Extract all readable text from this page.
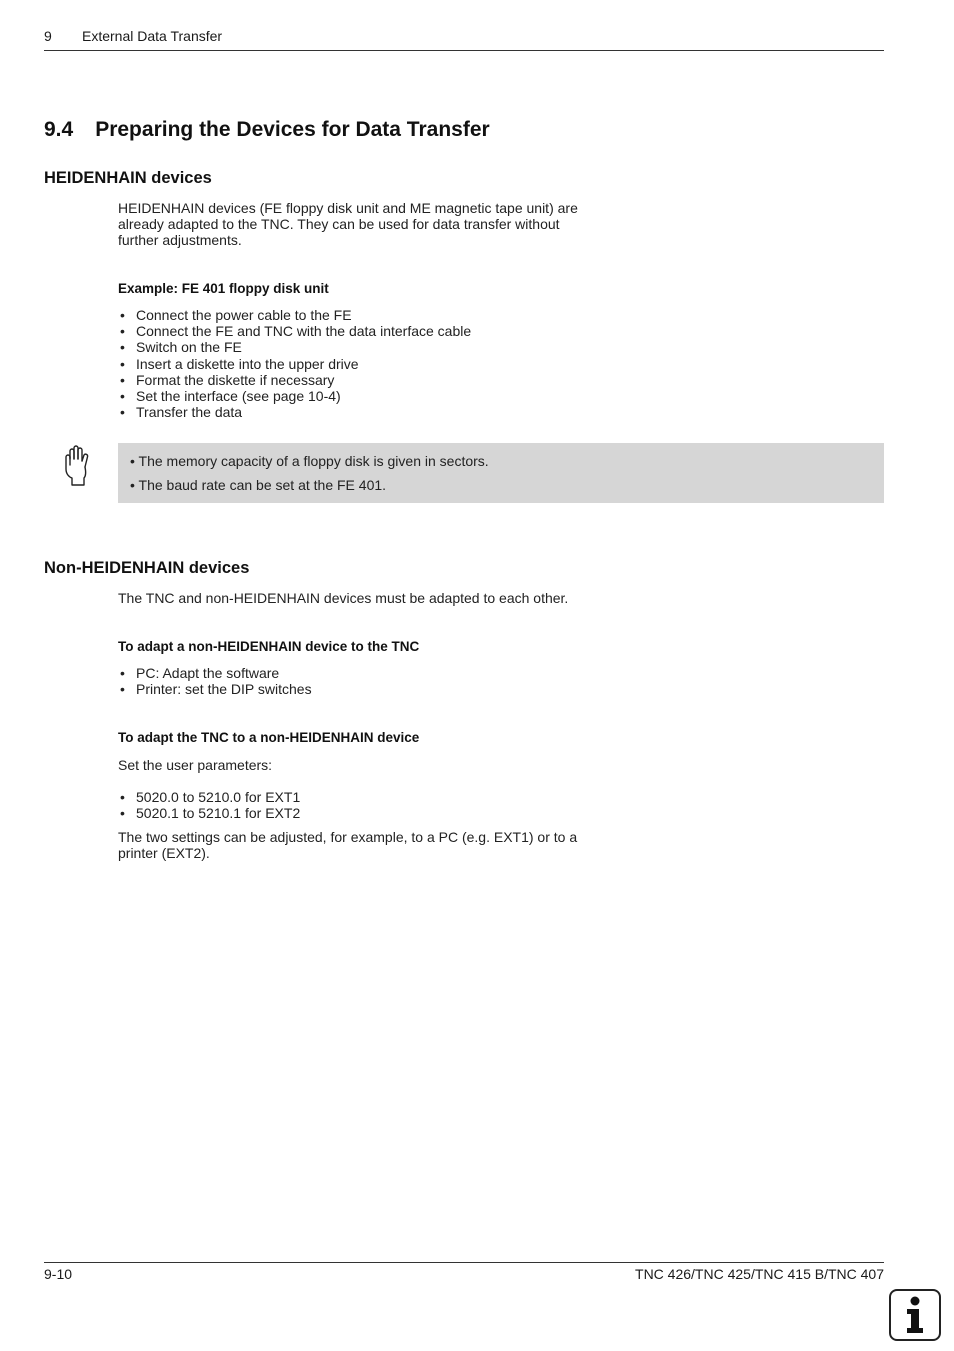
9 External Data Transfer
9.4 Preparing the Devices for Data Transfer
HEIDENHAIN devices
HEIDENHAIN devices (FE floppy disk unit and ME magnetic tape unit) are
already adapted to the TNC. They can be used for data transfer without
further adjustments.
Example: FE 401 floppy disk unit
• Connect the power cable to the FE
• Connect the FE and TNC with the data interface cable
• Switch on the FE
• Insert a diskette into the upper drive
• Format the diskette if necessary
• Set the interface (see page 10-4)
• Transfer the data
• The memory capacity of a floppy disk is given in sectors.
• The baud rate can be set at the FE 401.
Non-HEIDENHAIN devices
The TNC and non-HEIDENHAIN devices must be adapted to each other.
To adapt a non-HEIDENHAIN device to the TNC
• PC: Adapt the software
• Printer: set the DIP switches
To adapt the TNC to a non-HEIDENHAIN device
Set the user parameters:
• 5020.0 to 5210.0 for EXT1
• 5020.1 to 5210.1 for EXT2
The two settings can be adjusted, for example, to a PC (e.g. EXT1) or to a
printer (EXT2).
9-10	TNC 426/TNC 425/TNC 415 B/TNC 407
